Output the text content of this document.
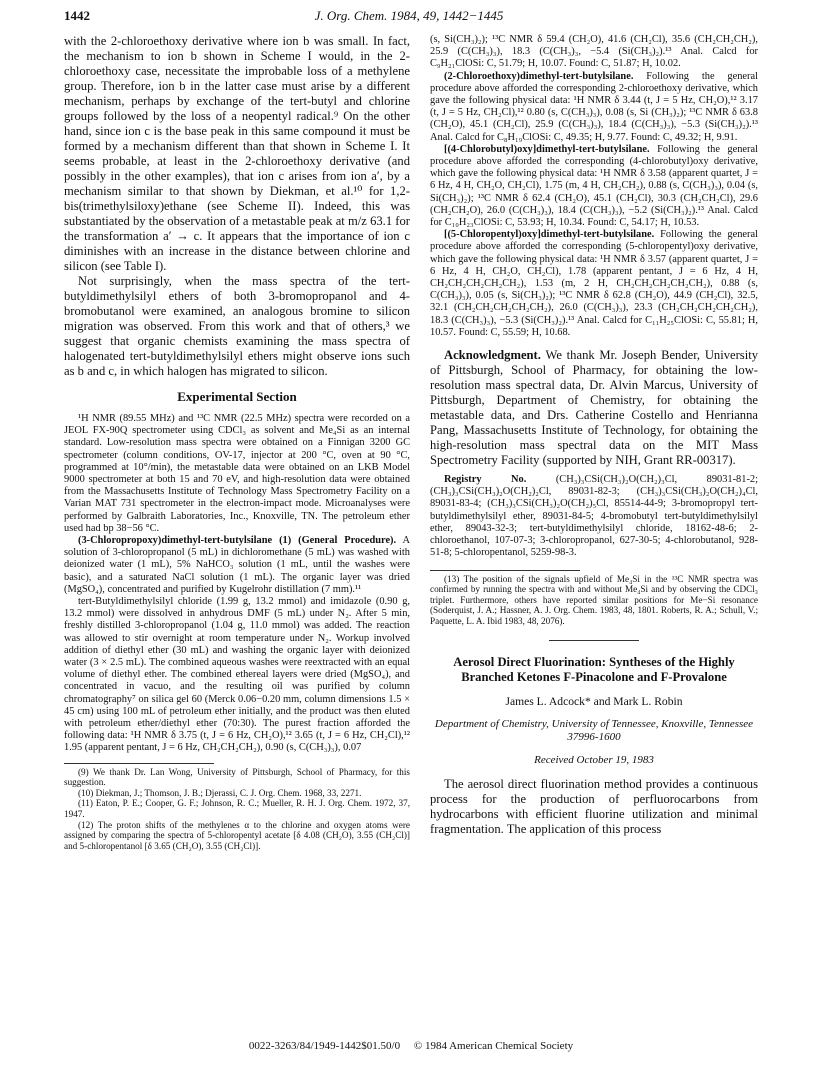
1442	J. Org. Chem. 1984, 49, 1442−1445

with the 2-chloroethoxy derivative where ion b was small. In fact, the mechanism to ion b shown in Scheme I would, in the 2-chloroethoxy case, necessitate the improbable loss of a methylene group. Therefore, ion b in the latter case must arise by a different mechanism, perhaps by exchange of the tert-butyl and chlorine groups followed by the loss of a neopentyl radical.⁹ On the other hand, since ion c is the base peak in this same compound it must be formed by a mechanism different than that shown in Scheme I. It seems probable, at least in the 2-chloroethoxy derivative (and possibly in the other examples), that ion c arises from ion a′, by a mechanism similar to that shown by Diekman, et al.¹⁰ for 1,2-bis(trimethylsiloxy)ethane (see Scheme II). Indeed, this was substantiated by the observation of a metastable peak at m/z 63.1 for the transformation a′ → c. It appears that the importance of ion c diminishes with an increase in the distance between chlorine and silicon (see Table I).

Not surprisingly, when the mass spectra of the tert-butyldimethylsilyl ethers of both 3-bromopropanol and 4-bromobutanol were examined, an analogous bromine to silicon migration was observed. From this work and that of others,³ we suggest that organic chemists examining the mass spectra of halogenated tert-butyldimethylsilyl ethers might observe ions such as b and c, in which halogen has migrated to silicon.

Experimental Section

¹H NMR (89.55 MHz) and ¹³C NMR (22.5 MHz) spectra were recorded on a JEOL FX-90Q spectrometer using CDCl₃ as solvent and Me₄Si as an internal standard. Low-resolution mass spectra were obtained on a Finnigan 3200 GC spectrometer (column conditions, OV-17, injector at 200 °C, oven at 90 °C, programmed at 10°/min), the metastable data were obtained on an LKB Model 9000 spectrometer at both 15 and 70 eV, and high-resolution data were obtained from the Massachusetts Institute of Technology Mass Spectrometry Facility on a Varian MAT 731 spectrometer in the electron-impact mode. Microanalyses were performed by Galbraith Laboratories, Inc., Knoxville, TN. The petroleum ether used had bp 38−56 °C.

(3-Chloropropoxy)dimethyl-tert-butylsilane (1) (General Procedure). A solution of 3-chloropropanol (5 mL) in dichloromethane (5 mL) was washed with deionized water (1 mL), 5% NaHCO₃ solution (1 mL, until the washes were basic), and a saturated NaCl solution (1 mL). The organic layer was dried (MgSO₄), concentrated and purified by Kugelrohr distillation (7 mm).¹¹

tert-Butyldimethylsilyl chloride (1.99 g, 13.2 mmol) and imidazole (0.90 g, 13.2 mmol) were dissolved in anhydrous DMF (5 mL) under N₂. After 5 min, freshly distilled 3-chloropropanol (1.04 g, 11.0 mmol) was added. The reaction was allowed to stir overnight at room temperature under N₂. Workup involved addition of diethyl ether (30 mL) and washing the organic layer with deionized water (3 × 2.5 mL). The combined aqueous washes were reextracted with an equal volume of diethyl ether. The combined ethereal layers were dried (MgSO₄), and concentrated in vacuo, and the resulting oil was purified by column chromatography⁷ on silica gel 60 (Merck 0.06−0.20 mm, column dimensions 1.5 × 45 cm) using 100 mL of petroleum ether initially, and the product was then eluted with petroleum ether/diethyl ether (70:30). The purest fraction afforded the following data: ¹H NMR δ 3.75 (t, J = 6 Hz, CH₂O),¹² 3.65 (t, J = 6 Hz, CH₂Cl),¹² 1.95 (apparent pentant, J = 6 Hz, CH₂CH₂CH₂), 0.90 (s, C(CH₃)₃), 0.07

(9) We thank Dr. Lan Wong, University of Pittsburgh, School of Pharmacy, for this suggestion.

(10) Diekman, J.; Thomson, J. B.; Djerassi, C. J. Org. Chem. 1968, 33, 2271.

(11) Eaton, P. E.; Cooper, G. F.; Johnson, R. C.; Mueller, R. H. J. Org. Chem. 1972, 37, 1947.

(12) The proton shifts of the methylenes α to the chlorine and oxygen atoms were assigned by comparing the spectra of 5-chloropentyl acetate [δ 4.08 (CH₂O), 3.55 (CH₂Cl)] and 5-chloropentanol [δ 3.65 (CH₂O), 3.55 (CH₂Cl)].

(s, Si(CH₃)₂); ¹³C NMR δ 59.4 (CH₂O), 41.6 (CH₂Cl), 35.6 (CH₂CH₂CH₂), 25.9 (C(CH₃)₃), 18.3 (C(CH₃)₃, −5.4 (Si(CH₃)₂).¹³ Anal. Calcd for C₉H₂₁ClOSi: C, 51.79; H, 10.07. Found: C, 51.87; H, 10.02.

(2-Chloroethoxy)dimethyl-tert-butylsilane. Following the general procedure above afforded the corresponding 2-chloroethoxy derivative, which gave the following physical data: ¹H NMR δ 3.44 (t, J = 5 Hz, CH₂O),¹² 3.17 (t, J = 5 Hz, CH₂Cl),¹² 0.80 (s, C(CH₃)₃), 0.08 (s, Si (CH₃)₂); ¹³C NMR δ 63.8 (CH₂O), 45.1 (CH₂Cl), 25.9 (C(CH₃)₃), 18.4 (C(CH₃)₃), −5.3 (Si(CH₃)₂).¹³ Anal. Calcd for C₈H₁₉ClOSi: C, 49.35; H, 9.77. Found: C, 49.32; H, 9.91.

[(4-Chlorobutyl)oxy]dimethyl-tert-butylsilane. Following the general procedure above afforded the corresponding (4-chlorobutyl)oxy derivative, which gave the following physical data: ¹H NMR δ 3.58 (apparent quartet, J = 6 Hz, 4 H, CH₂O, CH₂Cl), 1.75 (m, 4 H, CH₂CH₂), 0.88 (s, C(CH₃)₃), 0.04 (s, Si(CH₃)₂); ¹³C NMR δ 62.4 (CH₂O), 45.1 (CH₂Cl), 30.3 (CH₂CH₂Cl), 29.6 (CH₂CH₂O), 26.0 (C(CH₃)₃), 18.4 (C(CH₃)₃), −5.2 (Si(CH₃)₂).¹³ Anal. Calcd for C₁₀H₂₃ClOSi: C, 53.93; H, 10.34. Found: C, 54.17; H, 10.53.

[(5-Chloropentyl)oxy]dimethyl-tert-butylsilane. Following the general procedure above afforded the corresponding (5-chloropentyl)oxy derivative, which gave the following physical data: ¹H NMR δ 3.57 (apparent quartet, J = 6 Hz, 4 H, CH₂O, CH₂Cl), 1.78 (apparent pentant, J = 6 Hz, 4 H, CH₂CH₂CH₂CH₂CH₂), 1.53 (m, 2 H, CH₂CH₂CH₂CH₂CH₂), 0.88 (s, C(CH₃)₃), 0.05 (s, Si(CH₃)₂); ¹³C NMR δ 62.8 (CH₂O), 44.9 (CH₂Cl), 32.5, 32.1 (CH₂CH₂CH₂CH₂CH₂), 26.0 (C(CH₃)₃), 23.3 (CH₂CH₂CH₂CH₂CH₂), 18.3 (C(CH₃)₃), −5.3 (Si(CH₃)₂).¹³ Anal. Calcd for C₁₁H₂₅ClOSi: C, 55.81; H, 10.57. Found: C, 55.59; H, 10.68.

Acknowledgment. We thank Mr. Joseph Bender, University of Pittsburgh, School of Pharmacy, for obtaining the low-resolution mass spectral data, Dr. Alvin Marcus, University of Pittsburgh, Department of Chemistry, for obtaining the metastable data, and Drs. Catherine Costello and Henrianna Pang, Massachusetts Institute of Technology, for obtaining the high-resolution mass spectral data on the MIT Mass Spectrometry Facility (supported by NIH, Grant RR-00317).

Registry No.	(CH₃)₃CSi(CH₃)₂O(CH₂)₃Cl, 89031-81-2; (CH₃)₃CSi(CH₃)₂O(CH₂)₂Cl, 89031-82-3; (CH₃)₃CSi(CH₃)₂O(CH₂)₄Cl, 89031-83-4; (CH₃)₃CSi(CH₃)₂O(CH₂)₅Cl, 85514-44-9; 3-bromopropyl tert-butyldimethylsilyl ether, 89031-84-5; 4-bromobutyl tert-butyldimethylsilyl ether, 89043-32-3; tert-butyldimethylsilyl chloride, 18162-48-6; 2-chloroethanol, 107-07-3; 3-chloropropanol, 627-30-5; 4-chlorobutanol, 928-51-8; 5-chloropentanol, 5259-98-3.

(13) The position of the signals upfield of Me₄Si in the ¹³C NMR spectra was confirmed by running the spectra with and without Me₄Si and by observing the CDCl₃ triplet. Furthermore, others have reported similar positions for Me−Si resonance (Soderquist, J. A.; Hassner, A. J. Org. Chem. 1983, 48, 1801. Roberts, R. A.; Schull, V.; Paquette, L. A. Ibid 1983, 48, 2076).

Aerosol Direct Fluorination: Syntheses of the Highly Branched Ketones F-Pinacolone and F-Provalone
James L. Adcock* and Mark L. Robin
Department of Chemistry, University of Tennessee, Knoxville, Tennessee 37996-1600
Received October 19, 1983

The aerosol direct fluorination method provides a continuous process for the production of perfluorocarbons from hydrocarbons with efficient fluorine utilization and minimal fragmentation. The application of this process

0022-3263/84/1949-1442$01.50/0 © 1984 American Chemical Society
